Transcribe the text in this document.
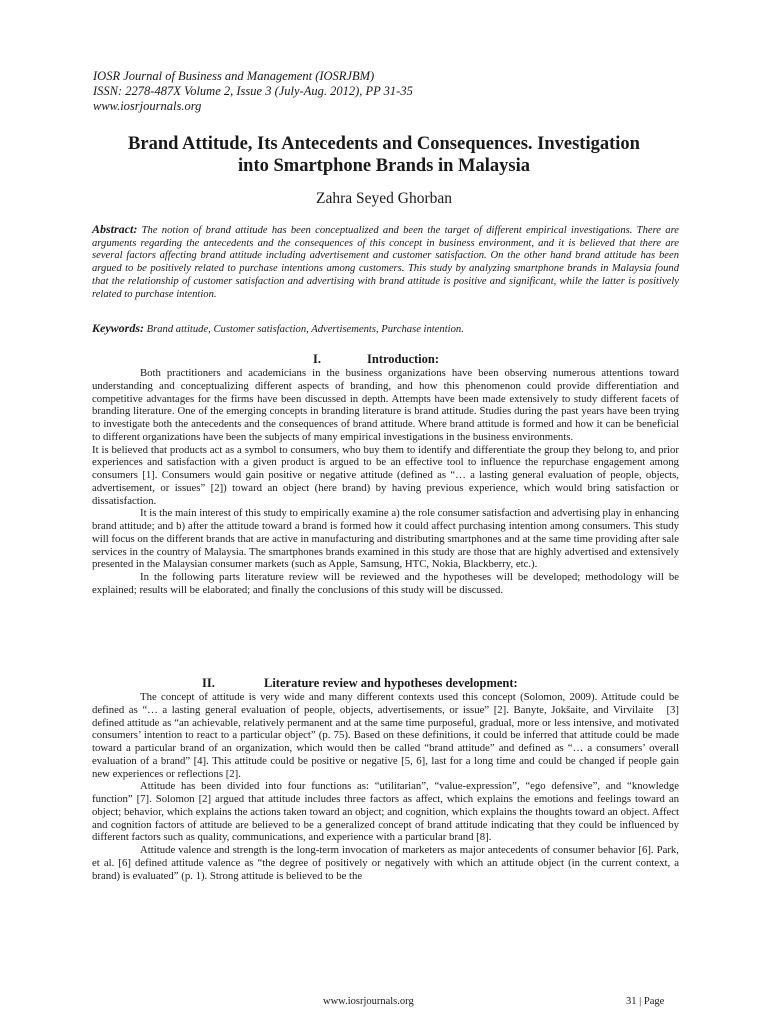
IOSR Journal of Business and Management (IOSRJBM)
ISSN: 2278-487X Volume 2, Issue 3 (July-Aug. 2012), PP 31-35
www.iosrjournals.org
Brand Attitude, Its Antecedents and Consequences. Investigation
into Smartphone Brands in Malaysia
Zahra Seyed Ghorban
Abstract: The notion of brand attitude has been conceptualized and been the target of different empirical investigations. There are arguments regarding the antecedents and the consequences of this concept in business environment, and it is believed that there are several factors affecting brand attitude including advertisement and customer satisfaction. On the other hand brand attitude has been argued to be positively related to purchase intentions among customers. This study by analyzing smartphone brands in Malaysia found that the relationship of customer satisfaction and advertising with brand attitude is positive and significant, while the latter is positively related to purchase intention.
Keywords: Brand attitude, Customer satisfaction, Advertisements, Purchase intention.
I.	Introduction:

Both practitioners and academicians in the business organizations have been observing numerous attentions toward understanding and conceptualizing different aspects of branding, and how this phenomenon could provide differentiation and competitive advantages for the firms have been discussed in depth. Attempts have been made extensively to study different facets of branding literature. One of the emerging concepts in branding literature is brand attitude. Studies during the past years have been trying to investigate both the antecedents and the consequences of brand attitude. Where brand attitude is formed and how it can be beneficial to different organizations have been the subjects of many empirical investigations in the business environments.

It is believed that products act as a symbol to consumers, who buy them to identify and differentiate the group they belong to, and prior experiences and satisfaction with a given product is argued to be an effective tool to influence the repurchase engagement among consumers [1]. Consumers would gain positive or negative attitude (defined as “… a lasting general evaluation of people, objects, advertisement, or issues” [2]) toward an object (here brand) by having previous experience, which would bring satisfaction or dissatisfaction.

It is the main interest of this study to empirically examine a) the role consumer satisfaction and advertising play in enhancing brand attitude; and b) after the attitude toward a brand is formed how it could affect purchasing intention among consumers. This study will focus on the different brands that are active in manufacturing and distributing smartphones and at the same time providing after sale services in the country of Malaysia. The smartphones brands examined in this study are those that are highly advertised and extensively presented in the Malaysian consumer markets (such as Apple, Samsung, HTC, Nokia, Blackberry, etc.).

In the following parts literature review will be reviewed and the hypotheses will be developed; methodology will be explained; results will be elaborated; and finally the conclusions of this study will be discussed.

II.	Literature review and hypotheses development:

The concept of attitude is very wide and many different contexts used this concept (Solomon, 2009). Attitude could be defined as “… a lasting general evaluation of people, objects, advertisements, or issue” [2]. Banyte, Jokšaite, and Virvilaite  [3] defined attitude as “an achievable, relatively permanent and at the same time purposeful, gradual, more or less intensive, and motivated consumers’ intention to react to a particular object” (p. 75). Based on these definitions, it could be inferred that attitude could be made toward a particular brand of an organization, which would then be called “brand attitude” and defined as “… a consumers’ overall evaluation of a brand” [4]. This attitude could be positive or negative [5, 6], last for a long time and could be changed if people gain new experiences or reflections [2].

Attitude has been divided into four functions as: “utilitarian”, “value-expression”, “ego defensive”, and “knowledge function” [7]. Solomon [2] argued that attitude includes three factors as affect, which explains the emotions and feelings toward an object; behavior, which explains the actions taken toward an object; and cognition, which explains the thoughts toward an object. Affect and cognition factors of attitude are believed to be a generalized concept of brand attitude indicating that they could be influenced by different factors such as quality, communications, and experience with a particular brand [8].

Attitude valence and strength is the long-term invocation of marketers as major antecedents of consumer behavior [6]. Park, et al. [6] defined attitude valence as “the degree of positively or negatively with which an attitude object (in the current context, a brand) is evaluated” (p. 1). Strong attitude is believed to be the

www.iosrjournals.org	31 | Page
